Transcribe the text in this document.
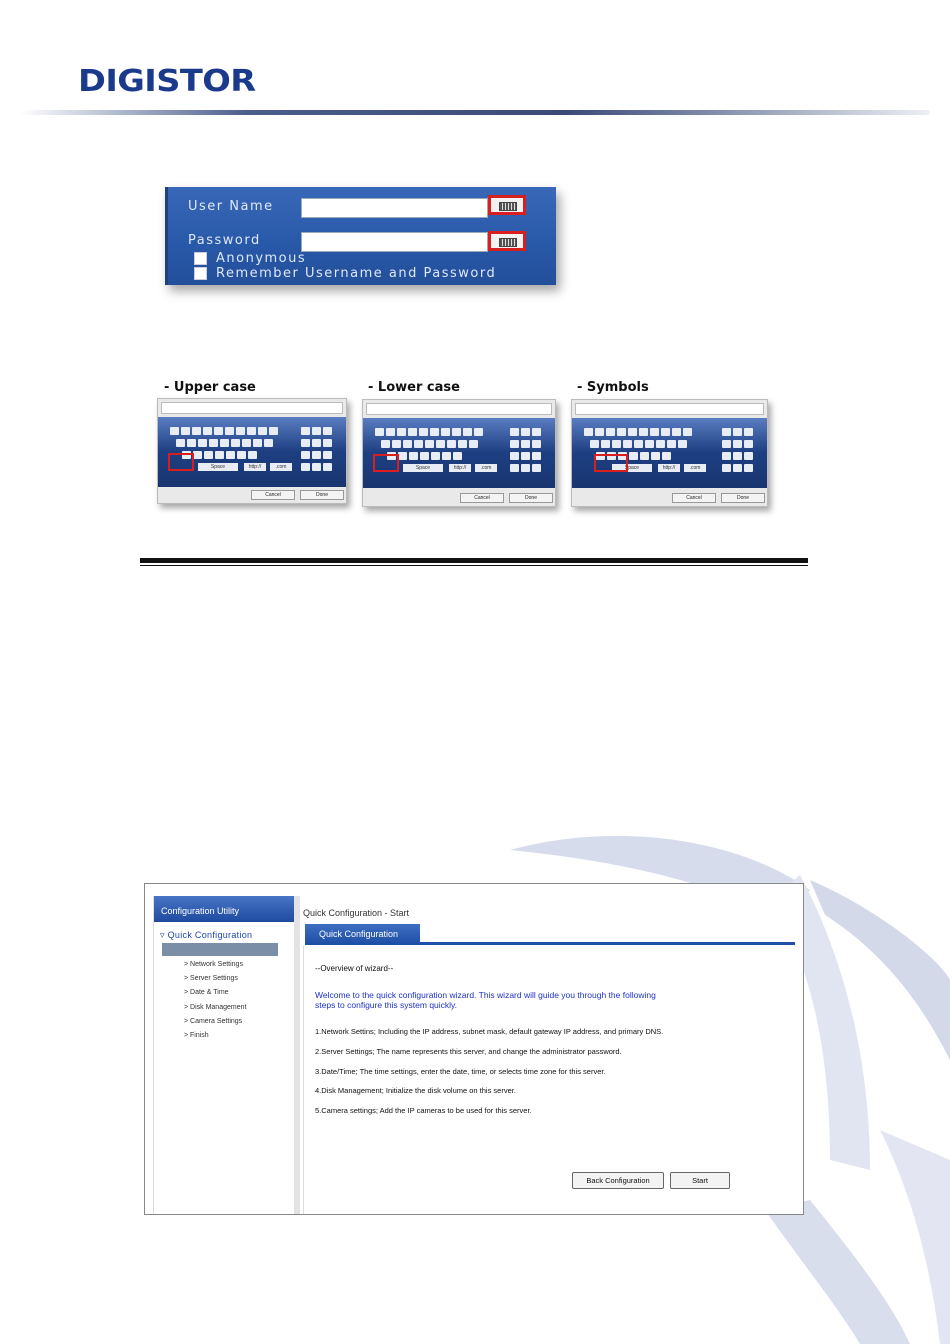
DIGISTOR
User Name
Password
Anonymous
Remember Username and Password
- Upper case	- Lower case	- Symbols
Space	http://	.com
Cancel	Done
Space	http://	.com
Cancel	Done
Space	http://	.com
Cancel	Done
Configuration Utility
▿ Quick Configuration
> Network Settings
> Server Settings
> Date & Time
> Disk Management
> Camera Settings
> Finish
Quick Configuration - Start
Quick Configuration
--Overview of wizard--
Welcome to the quick configuration wizard. This wizard will guide you through the following
steps to configure this system quickly.
1.Network Settins; Including the IP address, subnet mask, default gateway IP address, and primary DNS.
2.Server Settings; The name represents this server, and change the administrator password.
3.Date/Time; The time settings, enter the date, time, or selects time zone for this server.
4.Disk Management; Initialize the disk volume on this server.
5.Camera settings; Add the IP cameras to be used for this server.
Back Configuration	Start
